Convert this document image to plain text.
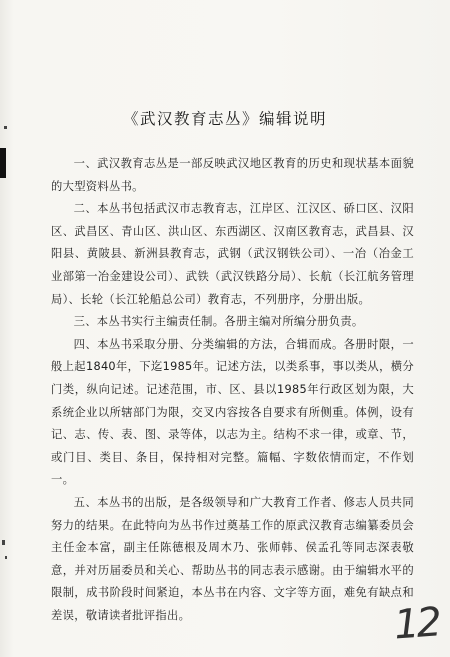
《武汉教育志丛》编辑说明

一、武汉教育志丛是一部反映武汉地区教育的历史和现状基本面貌的大型资料丛书。

二、本丛书包括武汉市志教育志，江岸区、江汉区、硚口区、汉阳区、武昌区、青山区、洪山区、东西湖区、汉南区教育志，武昌县、汉阳县、黄陂县、新洲县教育志，武钢（武汉钢铁公司）、一冶（冶金工业部第一冶金建设公司）、武铁（武汉铁路分局）、长航（长江航务管理局）、长轮（长江轮船总公司）教育志，不列册序，分册出版。

三、本丛书实行主编责任制。各册主编对所编分册负责。

四、本丛书采取分册、分类编辑的方法，合辑而成。各册时限，一般上起1840年，下迄1985年。记述方法，以类系事，事以类从，横分门类，纵向记述。记述范围，市、区、县以1985年行政区划为限，大系统企业以所辖部门为限，交叉内容按各自要求有所侧重。体例，设有记、志、传、表、图、录等体，以志为主。结构不求一律，或章、节，或门目、类目、条目，保持相对完整。篇幅、字数依情而定，不作划一。

五、本丛书的出版，是各级领导和广大教育工作者、修志人员共同努力的结果。在此特向为丛书作过奠基工作的原武汉教育志编纂委员会主任金本富，副主任陈德根及周木乃、张师韩、侯孟孔等同志深表敬意，并对历届委员和关心、帮助丛书的同志表示感谢。由于编辑水平的限制，成书阶段时间紧迫，本丛书在内容、文字等方面，难免有缺点和差误，敬请读者批评指出。	12
